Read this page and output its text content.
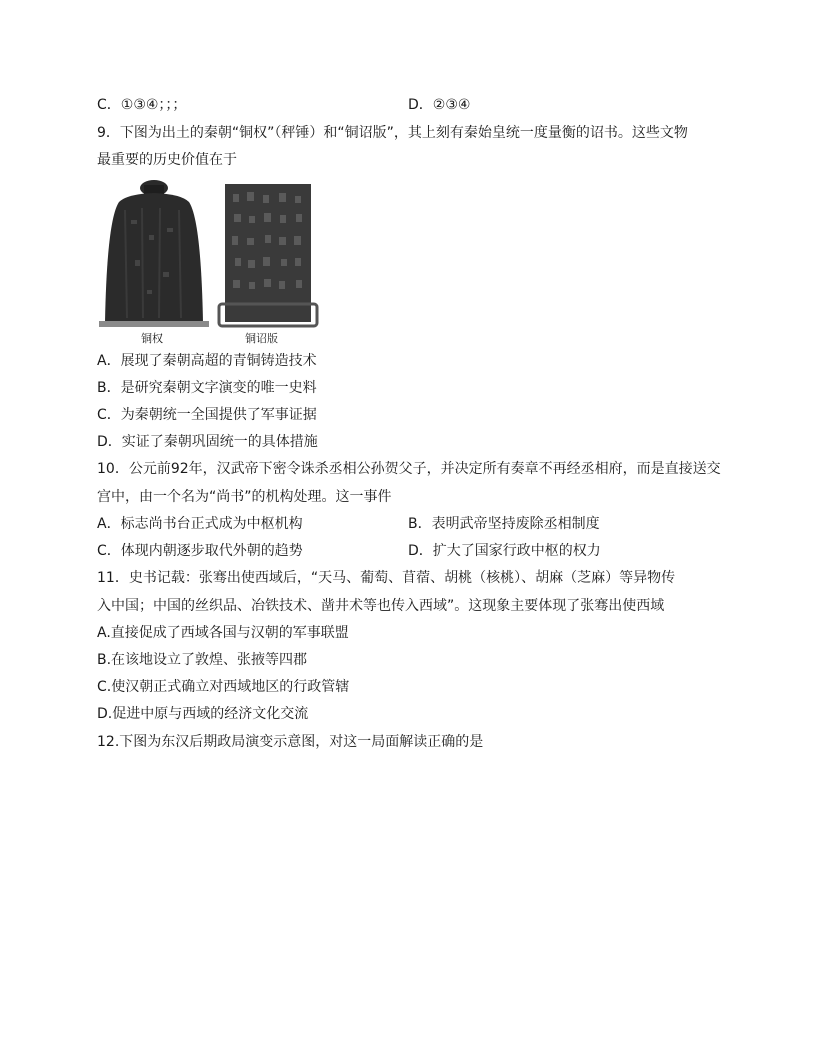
C．①③④；；；	D．②③④
9．下图为出土的秦朝“铜权”（秤锤）和“铜诏版”，其上刻有秦始皇统一度量衡的诏书。这些文物
最重要的历史价值在于
铜权	铜诏版
A．展现了秦朝高超的青铜铸造技术
B．是研究秦朝文字演变的唯一史料
C．为秦朝统一全国提供了军事证据
D．实证了秦朝巩固统一的具体措施
10．公元前92年，汉武帝下密令诛杀丞相公孙贺父子，并决定所有奏章不再经丞相府，而是直接送交
宫中，由一个名为“尚书”的机构处理。这一事件
A．标志尚书台正式成为中枢机构	B．表明武帝坚持废除丞相制度
C．体现内朝逐步取代外朝的趋势	D．扩大了国家行政中枢的权力
11．史书记载：张骞出使西域后，“天马、葡萄、苜蓿、胡桃（核桃）、胡麻（芝麻）等异物传
入中国；中国的丝织品、冶铁技术、凿井术等也传入西域”。这现象主要体现了张骞出使西域
A.直接促成了西域各国与汉朝的军事联盟
B.在该地设立了敦煌、张掖等四郡
C.使汉朝正式确立对西域地区的行政管辖
D.促进中原与西域的经济文化交流
12.下图为东汉后期政局演变示意图，对这一局面解读正确的是
